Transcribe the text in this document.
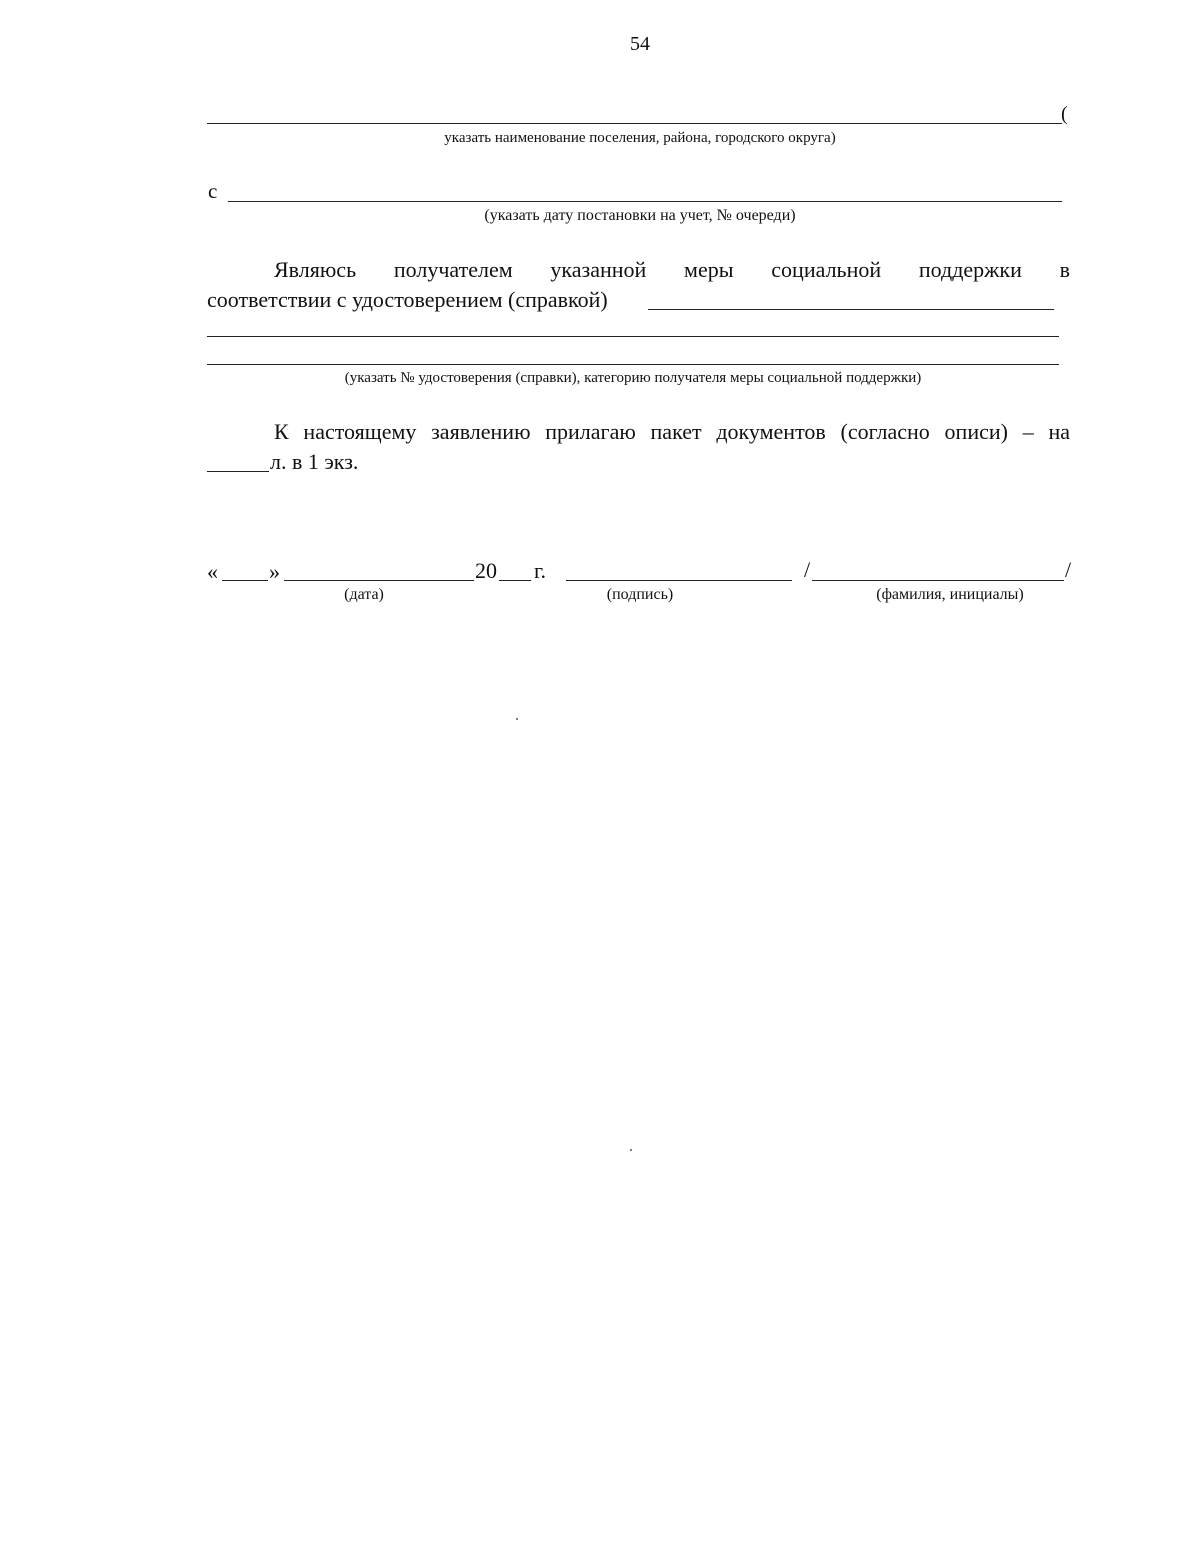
54
(
указать наименование поселения, района, городского округа)
с
(указать дату постановки на учет, № очереди)
Являюсь получателем указанной меры социальной поддержки в
соответствии с удостоверением (справкой)
(указать № удостоверения (справки), категорию получателя меры социальной поддержки)
К настоящему заявлению прилагаю пакет документов (согласно описи) – на
л. в 1 экз.
« »	20 г.	/	/
(дата)	(подпись)	(фамилия, инициалы)
